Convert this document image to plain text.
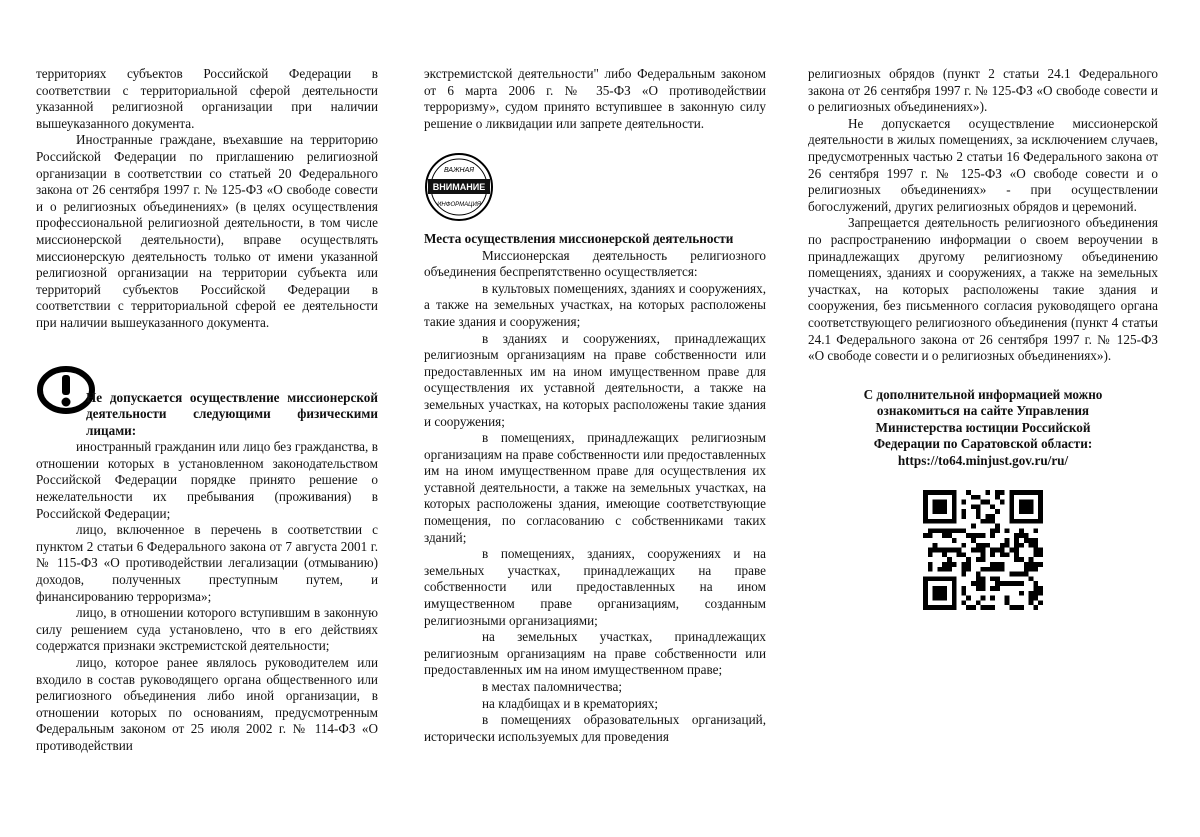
территориях субъектов Российской Федерации в соответствии с территориальной сферой деятельности указанной религиозной организации при наличии вышеуказанного документа.

Иностранные граждане, въехавшие на территорию Российской Федерации по приглашению религиозной организации в соответствии со статьей 20 Федерального закона от 26 сентября 1997 г. № 125-ФЗ «О свободе совести и о религиозных объединениях» (в целях осуществления профессиональной религиозной деятельности, в том числе миссионерской деятельности), вправе осуществлять миссионерскую деятельность только от имени указанной религиозной организации на территории субъекта или территорий субъектов Российской Федерации в соответствии с территориальной сферой ее деятельности при наличии вышеуказанного документа.

Не допускается осуществление миссионерской деятельности следующими физическими лицами:

иностранный гражданин или лицо без гражданства, в отношении которых в установленном законодательством Российской Федерации порядке принято решение о нежелательности их пребывания (проживания) в Российской Федерации;

лицо, включенное в перечень в соответствии с пунктом 2 статьи 6 Федерального закона от 7 августа 2001 г. № 115-ФЗ «О противодействии легализации (отмыванию) доходов, полученных преступным путем, и финансированию терроризма»;

лицо, в отношении которого вступившим в законную силу решением суда установлено, что в его действиях содержатся признаки экстремистской деятельности;

лицо, которое ранее являлось руководителем или входило в состав руководящего органа общественного или религиозного объединения либо иной организации, в отношении которых по основаниям, предусмотренным Федеральным законом от 25 июля 2002 г. № 114-ФЗ «О противодействии

экстремистской деятельности" либо Федеральным законом от 6 марта 2006 г. № 35-ФЗ «О противодействии терроризму», судом принято вступившее в законную силу решение о ликвидации или запрете деятельности.

ВНИМАНИЕ
ВАЖНАЯ
ИНФОРМАЦИЯ

Места осуществления миссионерской деятельности

Миссионерская деятельность религиозного объединения беспрепятственно осуществляется:

в культовых помещениях, зданиях и сооружениях, а также на земельных участках, на которых расположены такие здания и сооружения;

в зданиях и сооружениях, принадлежащих религиозным организациям на праве собственности или предоставленных им на ином имущественном праве для осуществления их уставной деятельности, а также на земельных участках, на которых расположены такие здания и сооружения;

в помещениях, принадлежащих религиозным организациям на праве собственности или предоставленных им на ином имущественном праве для осуществления их уставной деятельности, а также на земельных участках, на которых расположены здания, имеющие соответствующие помещения, по согласованию с собственниками таких зданий;

в помещениях, зданиях, сооружениях и на земельных участках, принадлежащих на праве собственности или предоставленных на ином имущественном праве организациям, созданным религиозными организациями;

на земельных участках, принадлежащих религиозным организациям на праве собственности или предоставленных им на ином имущественном праве;

в местах паломничества;

на кладбищах и в крематориях;

в помещениях образовательных организаций, исторически используемых для проведения

религиозных обрядов (пункт 2 статьи 24.1 Федерального закона от 26 сентября 1997 г. № 125-ФЗ «О свободе совести и о религиозных объединениях»).

Не допускается осуществление миссионерской деятельности в жилых помещениях, за исключением случаев, предусмотренных частью 2 статьи 16 Федерального закона от 26 сентября 1997 г. № 125-ФЗ «О свободе совести и о религиозных объединениях» - при осуществлении богослужений, других религиозных обрядов и церемоний.

Запрещается деятельность религиозного объединения по распространению информации о своем вероучении в принадлежащих другому религиозному объединению помещениях, зданиях и сооружениях, а также на земельных участках, на которых расположены такие здания и сооружения, без письменного согласия руководящего органа соответствующего религиозного объединения (пункт 4 статьи 24.1 Федерального закона от 26 сентября 1997 г. № 125-ФЗ «О свободе совести и о религиозных объединениях»).

С дополнительной информацией можно
ознакомиться на сайте Управления
Министерства юстиции Российской
Федерации по Саратовской области:
https://to64.minjust.gov.ru/ru/
